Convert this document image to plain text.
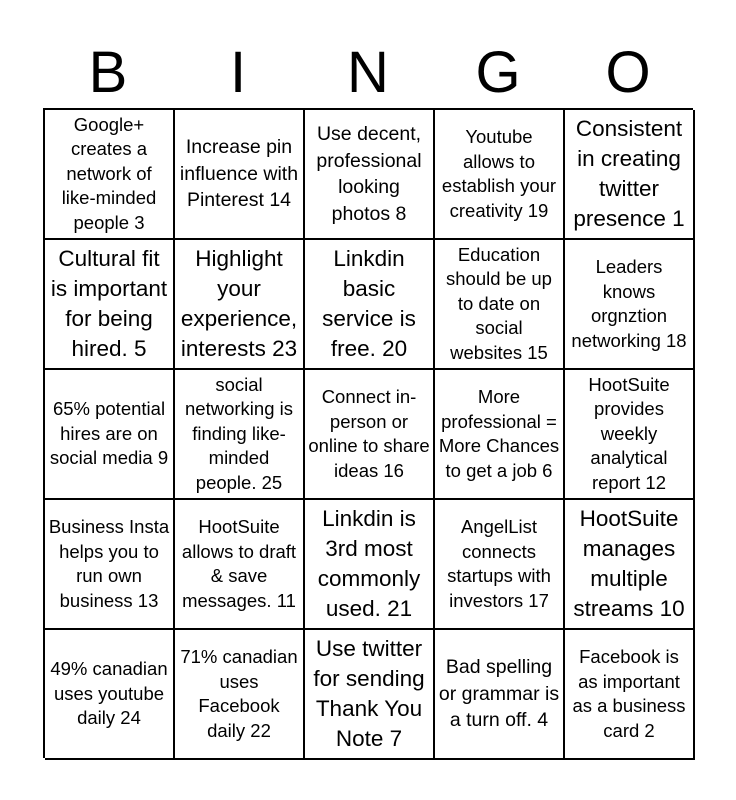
B	I	N	G	O
Google+ creates a network of like-minded people 3
Increase pin influence with Pinterest 14
Use decent, professional looking photos 8
Youtube allows to establish your creativity 19
Consistent in creating twitter presence 1
Cultural fit is important for being hired. 5
Highlight your experience, interests 23
Linkdin basic service is free. 20
Education should be up to date on social websites 15
Leaders knows orgnztion networking 18
65% potential hires are on social media 9
social networking is finding like-minded people. 25
Connect in-person or online to share ideas 16
More professional = More Chances to get a job 6
HootSuite provides weekly analytical report 12
Business Insta helps you to run own business 13
HootSuite allows to draft & save messages. 11
Linkdin is 3rd most commonly used. 21
AngelList connects startups with investors 17
HootSuite manages multiple streams 10
49% canadian uses youtube daily 24
71% canadian uses Facebook daily 22
Use twitter for sending Thank You Note 7
Bad spelling or grammar is a turn off. 4
Facebook is as important as a business card 2
